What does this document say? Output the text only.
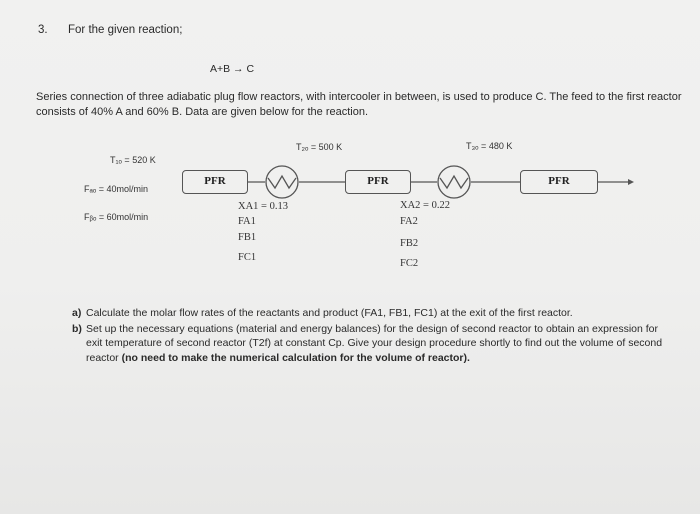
3. For the given reaction;
A+B → C
Series connection of three adiabatic plug flow reactors, with intercooler in between, is used to produce C. The feed to the first reactor consists of 40% A and 60% B. Data are given below for the reaction.
PFR	PFR	PFR
T₁ₒ = 520 K
T₂ₒ = 500 K	T₃ₒ = 480 K
Fₐₒ = 40mol/min
Fᵦₒ = 60mol/min
XA1 = 0.13
FA1
FB1
FC1
XA2 = 0.22
FA2
FB2
FC2
a) Calculate the molar flow rates of the reactants and product (FA1, FB1, FC1) at the exit of the first reactor.
b) Set up the necessary equations (material and energy balances) for the design of second reactor to obtain an expression for exit temperature of second reactor (T2f) at constant Cp. Give your design procedure shortly to find out the volume of second reactor (no need to make the numerical calculation for the volume of reactor).
